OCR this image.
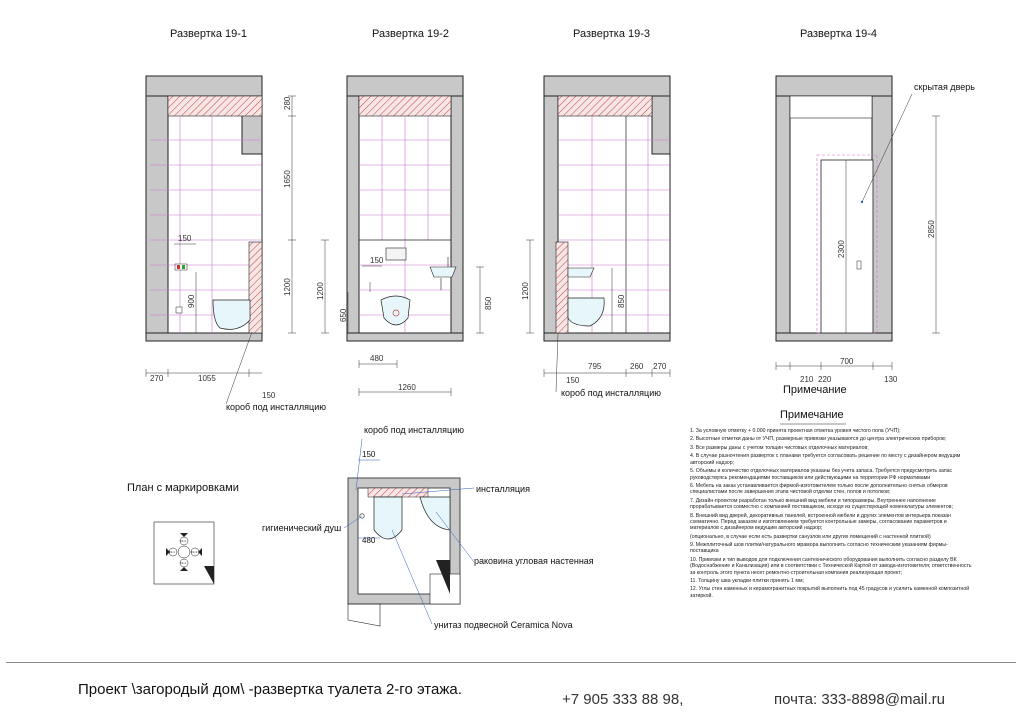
280
1650
1200
150
900
270	1055
150
150
1200
650
850
480
1260
1200
850
795	260 270
150
2850
2300
700
210 220	130
19-2
19-1	19-3
19-4
Развертка 19-1	Развертка 19-2	Развертка 19-3	Развертка 19-4
короб под инсталляцию
короб под инсталляцию
скрытая дверь
План с маркировками
короб под инсталляцию
150
инсталляция
гигиенический душ
480
раковина угловая настенная
унитаз подвесной Ceramica Nova
Примечание
Примечание

1. За условную отметку + 0.000 принята проектная отметка уровня чистого пола (УЧП);

2. Высотные отметки даны от УЧП, размерные привязки указываются до центра электрических приборов;

3. Все размеры даны с учетом толщин чистовых отделочных материалов;

4. В случае разночтения разверток с планами требуется согласовать решение по месту с дизайнером ведущим авторский надзор;

5. Объемы и количество отделочных материалов указаны без учета запаса. Требуется предусмотреть запас руководствуясь рекомендациями поставщиков или действующими на территории РФ нормативами

6. Мебель на заказ устанавливается фирмой-изготовителем только после дополнительно снятых обмеров специалистами после завершения этапа чистовой отделки стен, полов и потолков;

7. Дизайн-проектом разработан только внешний вид мебели и типоразмеры. Внутреннее наполнение прорабатывается совместно с компанией поставщиком, исходя из существующей номенклатуры элементов;

8. Внешний вид дверей, декоративных панелей, встроенной мебели и других элементов интерьера показан схематично. Перед заказом и изготовлением требуется контрольные замеры, согласование параметров и материалов с дизайнером ведущим авторский надзор;

(опционально, в случае если есть развертки санузлов или других помещений с настенной плиткой)

9. Межплиточный шов плитки/натурального мрамора выполнить согласно техническим указаниям фирмы-поставщика

10. Привязки и тип выводов для подключения сантехнического оборудования выполнить согласно разделу ВК (Водоснабжение и Канализация) или в соответствии с Технической Картой от завода-изготовителя; ответственность за контроль этого пункта несет ремонтно-строительная компания реализующая проект;

11. Толщину шва укладки плитки принять 1 мм;

12. Углы стен каменных и керамогранитных покрытий выполнить под 45 градусов и усилить каменной композитной затиркой.

Проект \загородый дом\ -развертка туалета 2-го этажа.
+7 905 333 88 98,	почта: 333-8898@mail.ru
